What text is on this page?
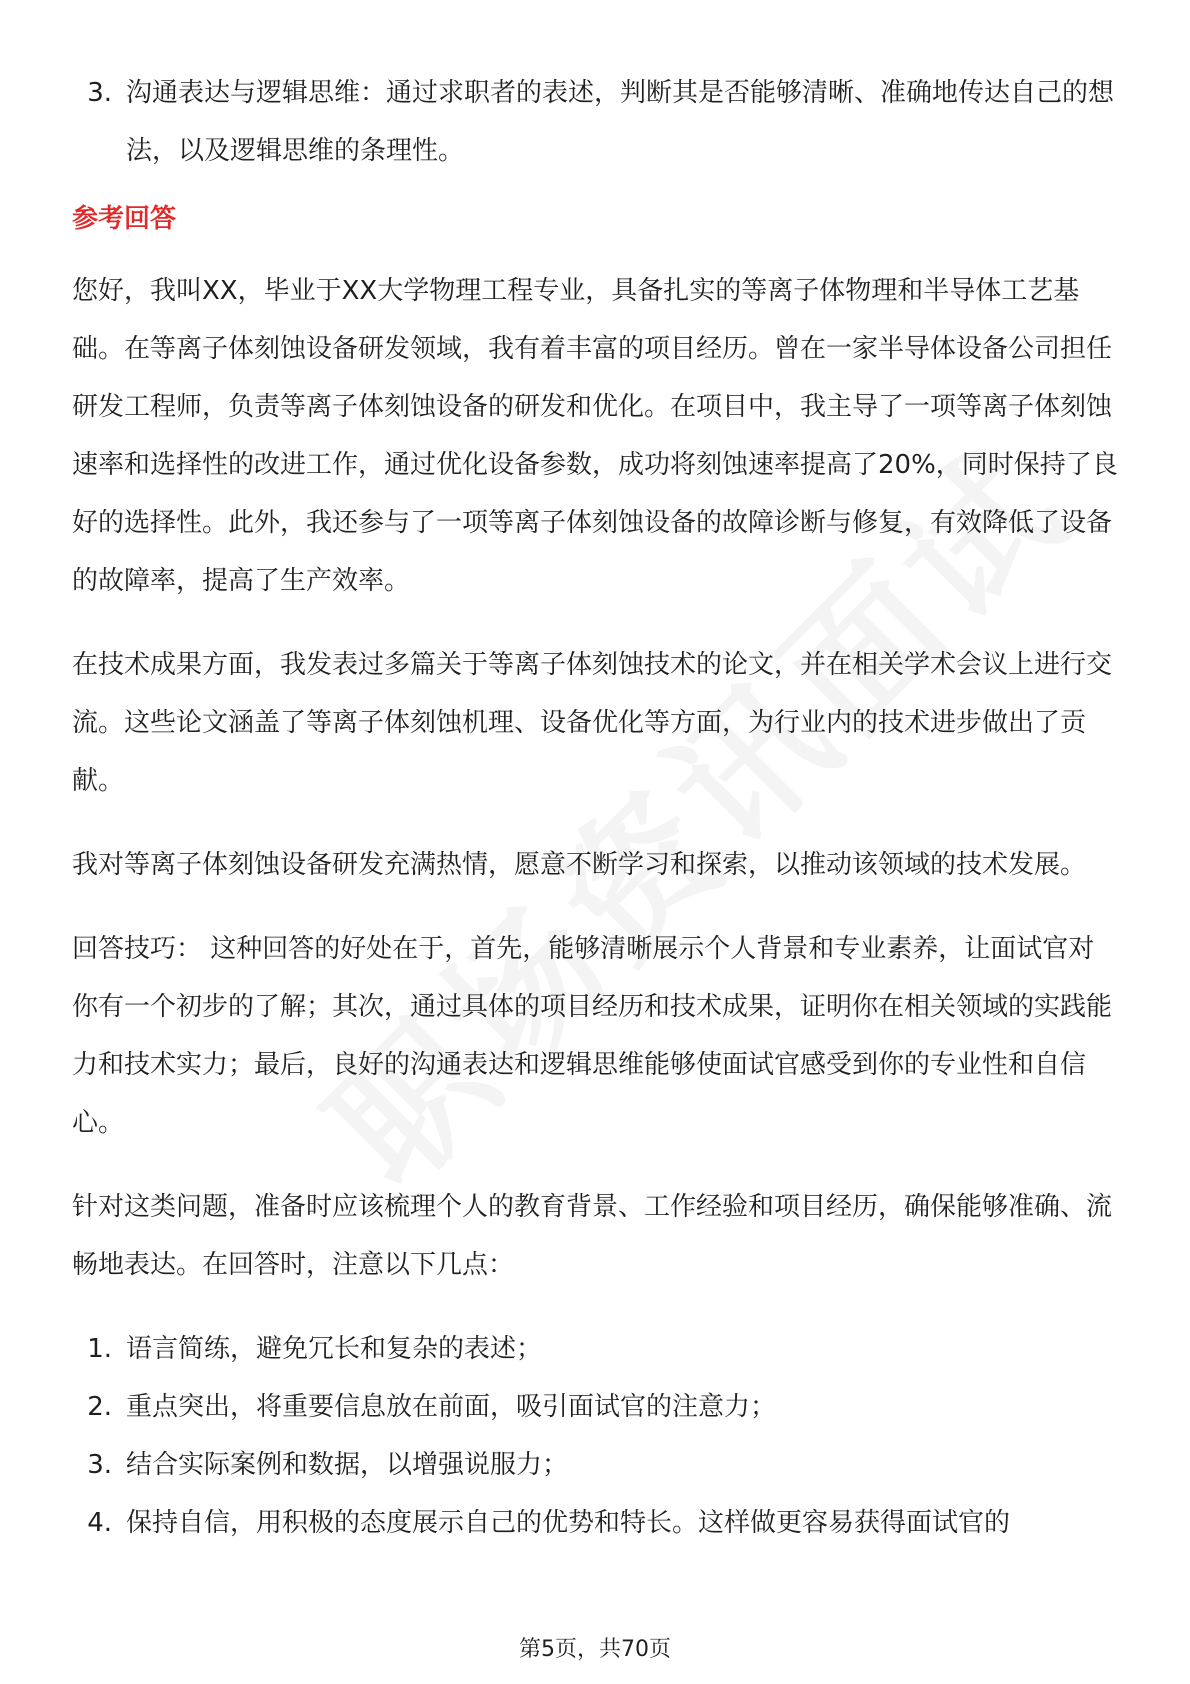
3. 沟通表达与逻辑思维：通过求职者的表述，判断其是否能够清晰、准确地传达自己的想法，以及逻辑思维的条理性。
参考回答

您好，我叫XX，毕业于XX大学物理工程专业，具备扎实的等离子体物理和半导体工艺基础。在等离子体刻蚀设备研发领域，我有着丰富的项目经历。曾在一家半导体设备公司担任研发工程师，负责等离子体刻蚀设备的研发和优化。在项目中，我主导了一项等离子体刻蚀速率和选择性的改进工作，通过优化设备参数，成功将刻蚀速率提高了20%，同时保持了良好的选择性。此外，我还参与了一项等离子体刻蚀设备的故障诊断与修复，有效降低了设备的故障率，提高了生产效率。

在技术成果方面，我发表过多篇关于等离子体刻蚀技术的论文，并在相关学术会议上进行交流。这些论文涵盖了等离子体刻蚀机理、设备优化等方面，为行业内的技术进步做出了贡献。

我对等离子体刻蚀设备研发充满热情，愿意不断学习和探索，以推动该领域的技术发展。

回答技巧： 这种回答的好处在于，首先，能够清晰展示个人背景和专业素养，让面试官对你有一个初步的了解；其次，通过具体的项目经历和技术成果，证明你在相关领域的实践能力和技术实力；最后，良好的沟通表达和逻辑思维能够使面试官感受到你的专业性和自信心。

针对这类问题，准备时应该梳理个人的教育背景、工作经验和项目经历，确保能够准确、流畅地表达。在回答时，注意以下几点：

1. 语言简练，避免冗长和复杂的表述；
2. 重点突出，将重要信息放在前面，吸引面试官的注意力；
3. 结合实际案例和数据，以增强说服力；
4. 保持自信，用积极的态度展示自己的优势和特长。这样做更容易获得面试官的
第5页，共70页
